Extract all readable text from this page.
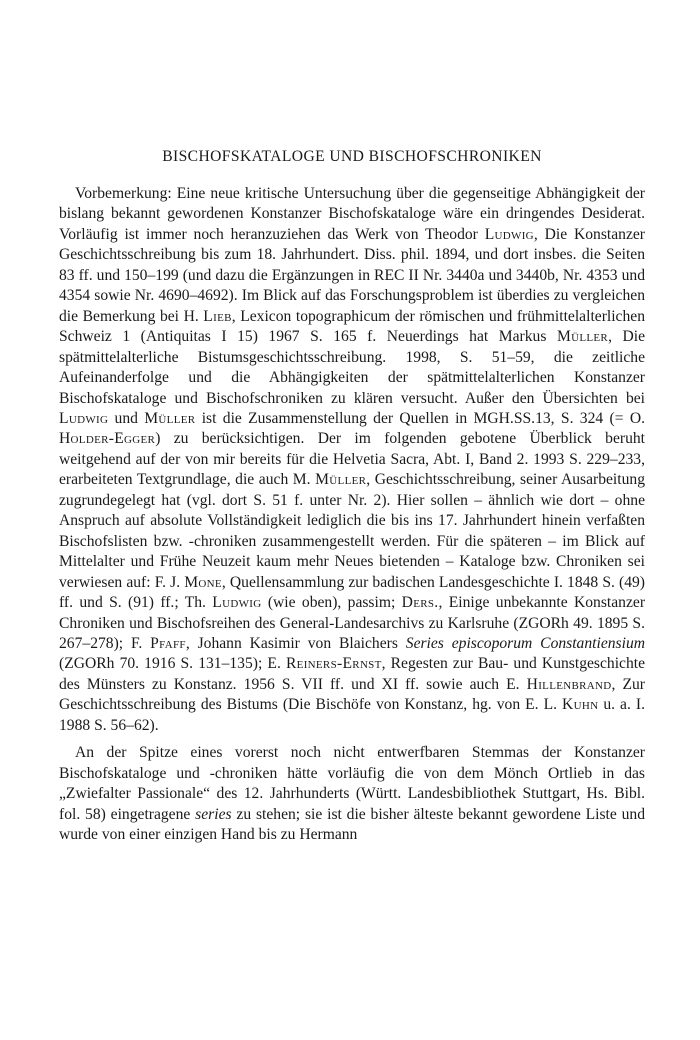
BISCHOFSKATALOGE UND BISCHOFSCHRONIKEN

Vorbemerkung: Eine neue kritische Untersuchung über die gegenseitige Abhängigkeit der bislang bekannt gewordenen Konstanzer Bischofskataloge wäre ein dringendes Desiderat. Vorläufig ist immer noch heranzuziehen das Werk von Theodor Ludwig, Die Konstanzer Geschichtsschreibung bis zum 18. Jahrhundert. Diss. phil. 1894, und dort insbes. die Seiten 83 ff. und 150–199 (und dazu die Ergänzungen in REC II Nr. 3440a und 3440b, Nr. 4353 und 4354 sowie Nr. 4690–4692). Im Blick auf das Forschungsproblem ist überdies zu vergleichen die Bemerkung bei H. Lieb, Lexicon topographicum der römischen und frühmittelalterlichen Schweiz 1 (Antiquitas I 15) 1967 S. 165 f. Neuerdings hat Markus Müller, Die spätmittelalterliche Bistumsgeschichtsschreibung. 1998, S. 51–59, die zeitliche Aufeinanderfolge und die Abhängigkeiten der spätmittelalterlichen Konstanzer Bischofskataloge und Bischofschroniken zu klären versucht. Außer den Übersichten bei Ludwig und Müller ist die Zusammenstellung der Quellen in MGH.SS.13, S. 324 (= O. Holder-Egger) zu berücksichtigen. Der im folgenden gebotene Überblick beruht weitgehend auf der von mir bereits für die Helvetia Sacra, Abt. I, Band 2. 1993 S. 229–233, erarbeiteten Textgrundlage, die auch M. Müller, Geschichtsschreibung, seiner Ausarbeitung zugrundegelegt hat (vgl. dort S. 51 f. unter Nr. 2). Hier sollen – ähnlich wie dort – ohne Anspruch auf absolute Vollständigkeit lediglich die bis ins 17. Jahrhundert hinein verfaßten Bischofslisten bzw. -chroniken zusammengestellt werden. Für die späteren – im Blick auf Mittelalter und Frühe Neuzeit kaum mehr Neues bietenden – Kataloge bzw. Chroniken sei verwiesen auf: F. J. Mone, Quellensammlung zur badischen Landesgeschichte I. 1848 S. (49) ff. und S. (91) ff.; Th. Ludwig (wie oben), passim; Ders., Einige unbekannte Konstanzer Chroniken und Bischofsreihen des General-Landesarchivs zu Karlsruhe (ZGORh 49. 1895 S. 267–278); F. Pfaff, Johann Kasimir von Blaichers Series episcoporum Constantiensium (ZGORh 70. 1916 S. 131–135); E. Reiners-Ernst, Regesten zur Bau- und Kunstgeschichte des Münsters zu Konstanz. 1956 S. VII ff. und XI ff. sowie auch E. Hillenbrand, Zur Geschichtsschreibung des Bistums (Die Bischöfe von Konstanz, hg. von E. L. Kuhn u. a. I. 1988 S. 56–62).

An der Spitze eines vorerst noch nicht entwerfbaren Stemmas der Konstanzer Bischofskataloge und -chroniken hätte vorläufig die von dem Mönch Ortlieb in das „Zwiefalter Passionale“ des 12. Jahrhunderts (Württ. Landesbibliothek Stuttgart, Hs. Bibl. fol. 58) eingetragene series zu stehen; sie ist die bisher älteste bekannt gewordene Liste und wurde von einer einzigen Hand bis zu Hermann
